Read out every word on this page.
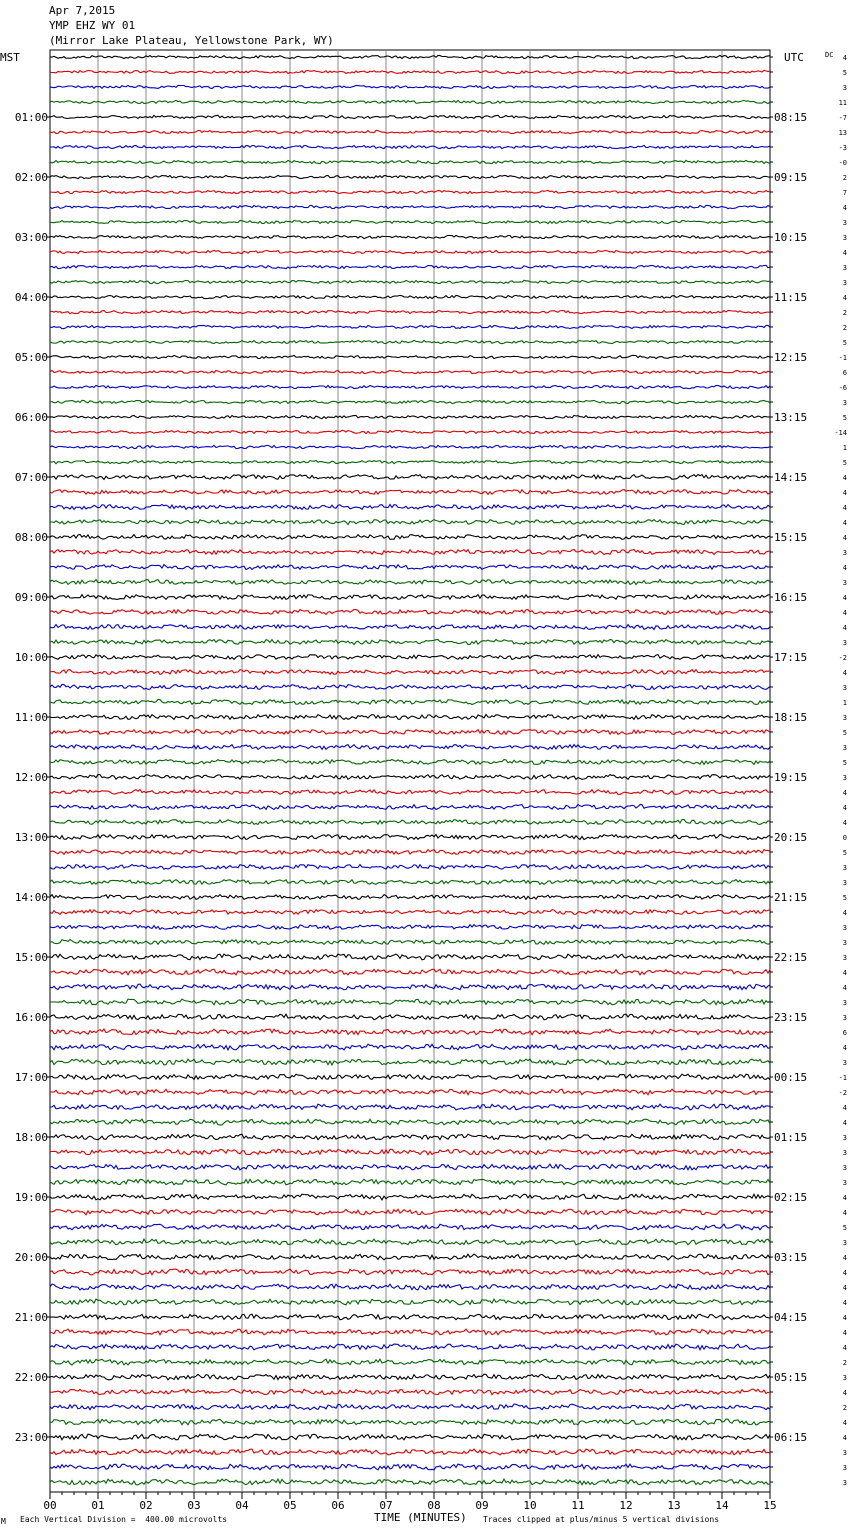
Apr 7,2015
YMP EHZ WY 01
(Mirror Lake Plateau, Yellowstone Park, WY)
00	01	02	03	04	05	06	07	08	09	10	11	12	13	14	15
MST	UTC	DC 4
5
3
11
-7
13
-3
-0
2
7
4
3
3
4
3
3
4
2
2
5
-1
6
-6
3
5
-14
1
5
4
4
4
4
4
3
4
3
4
4
4
3
-2
4
3
1
3
5
3
5
3
4
4
4
0
5
3
3
5
4
3
3
3
4
4
3
3
6
4
3
-1
-2
4
4
3
3
3
3
4
4
5
3
4
4
4
4
4
4
4
2
3
4
2
4
4
3
3
3
01:00
02:00
03:00
04:00
05:00
06:00
07:00
08:00
09:00
10:00
11:00
12:00
13:00
14:00
15:00
16:00
17:00
18:00
19:00
20:00
21:00
22:00
23:00
08:15
09:15
10:15
11:15
12:15
13:15
14:15
15:15
16:15
17:15
18:15
19:15
20:15
21:15
22:15
23:15
00:15
01:15
02:15
03:15
04:15
05:15
06:15
M Each Vertical Division =  400.00 microvolts	TIME (MINUTES) Traces clipped at plus/minus 5 vertical divisions
